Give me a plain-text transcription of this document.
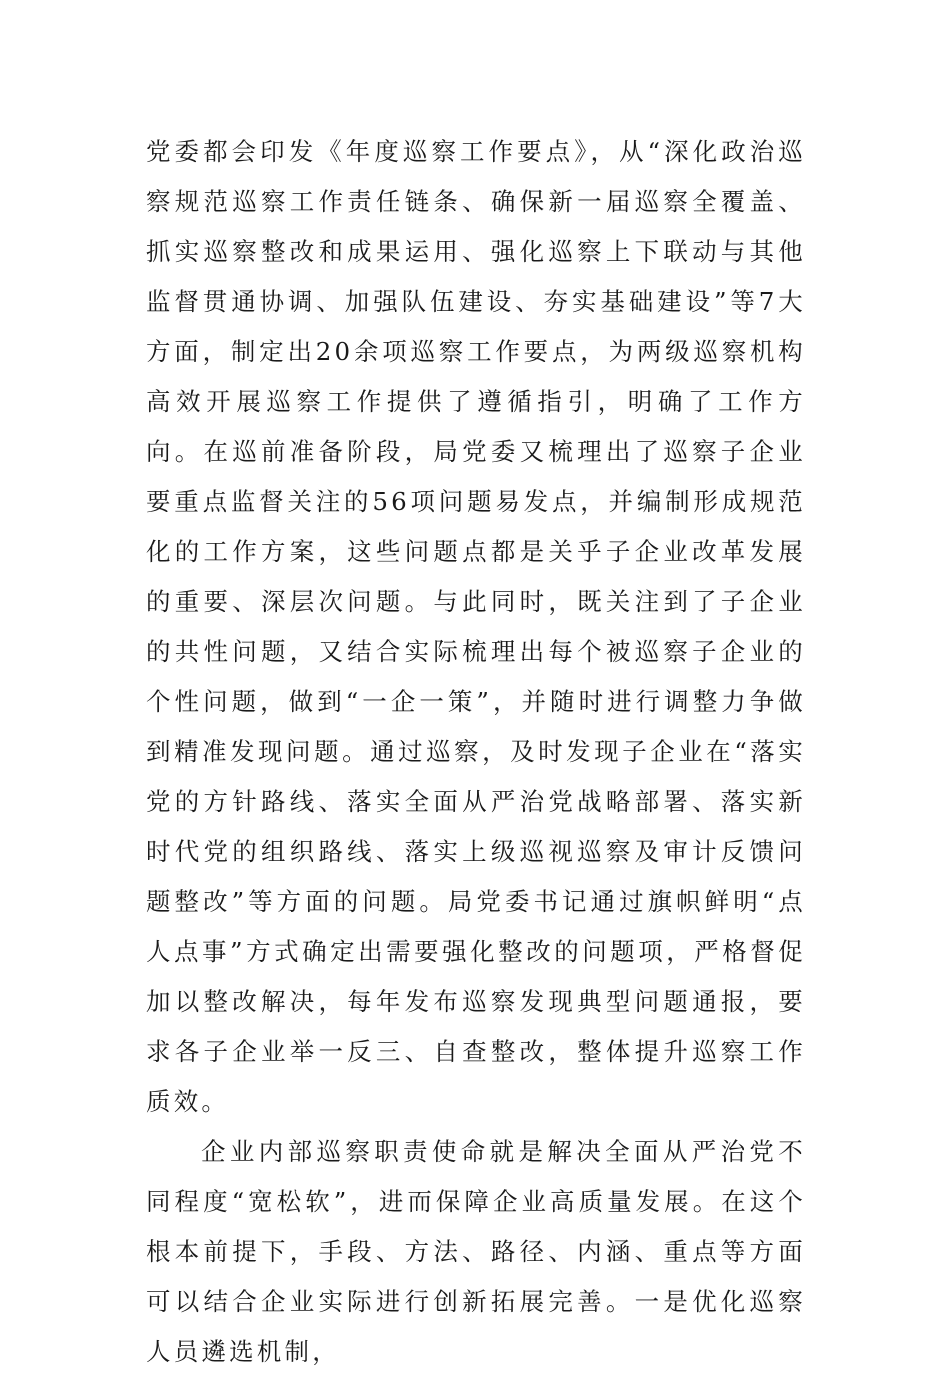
党委都会印发《年度巡察工作要点》，从“深化政治巡察规范巡察工作责任链条、确保新一届巡察全覆盖、抓实巡察整改和成果运用、强化巡察上下联动与其他监督贯通协调、加强队伍建设、夯实基础建设”等7大方面，制定出20余项巡察工作要点，为两级巡察机构高效开展巡察工作提供了遵循指引，明确了工作方向。在巡前准备阶段，局党委又梳理出了巡察子企业要重点监督关注的56项问题易发点，并编制形成规范化的工作方案，这些问题点都是关乎子企业改革发展的重要、深层次问题。与此同时，既关注到了子企业的共性问题，又结合实际梳理出每个被巡察子企业的个性问题，做到“一企一策”，并随时进行调整力争做到精准发现问题。通过巡察，及时发现子企业在“落实党的方针路线、落实全面从严治党战略部署、落实新时代党的组织路线、落实上级巡视巡察及审计反馈问题整改”等方面的问题。局党委书记通过旗帜鲜明“点人点事”方式确定出需要强化整改的问题项，严格督促加以整改解决，每年发布巡察发现典型问题通报，要求各子企业举一反三、自查整改，整体提升巡察工作质效。

企业内部巡察职责使命就是解决全面从严治党不同程度“宽松软”，进而保障企业高质量发展。在这个根本前提下，手段、方法、路径、内涵、重点等方面可以结合企业实际进行创新拓展完善。一是优化巡察人员遴选机制，
